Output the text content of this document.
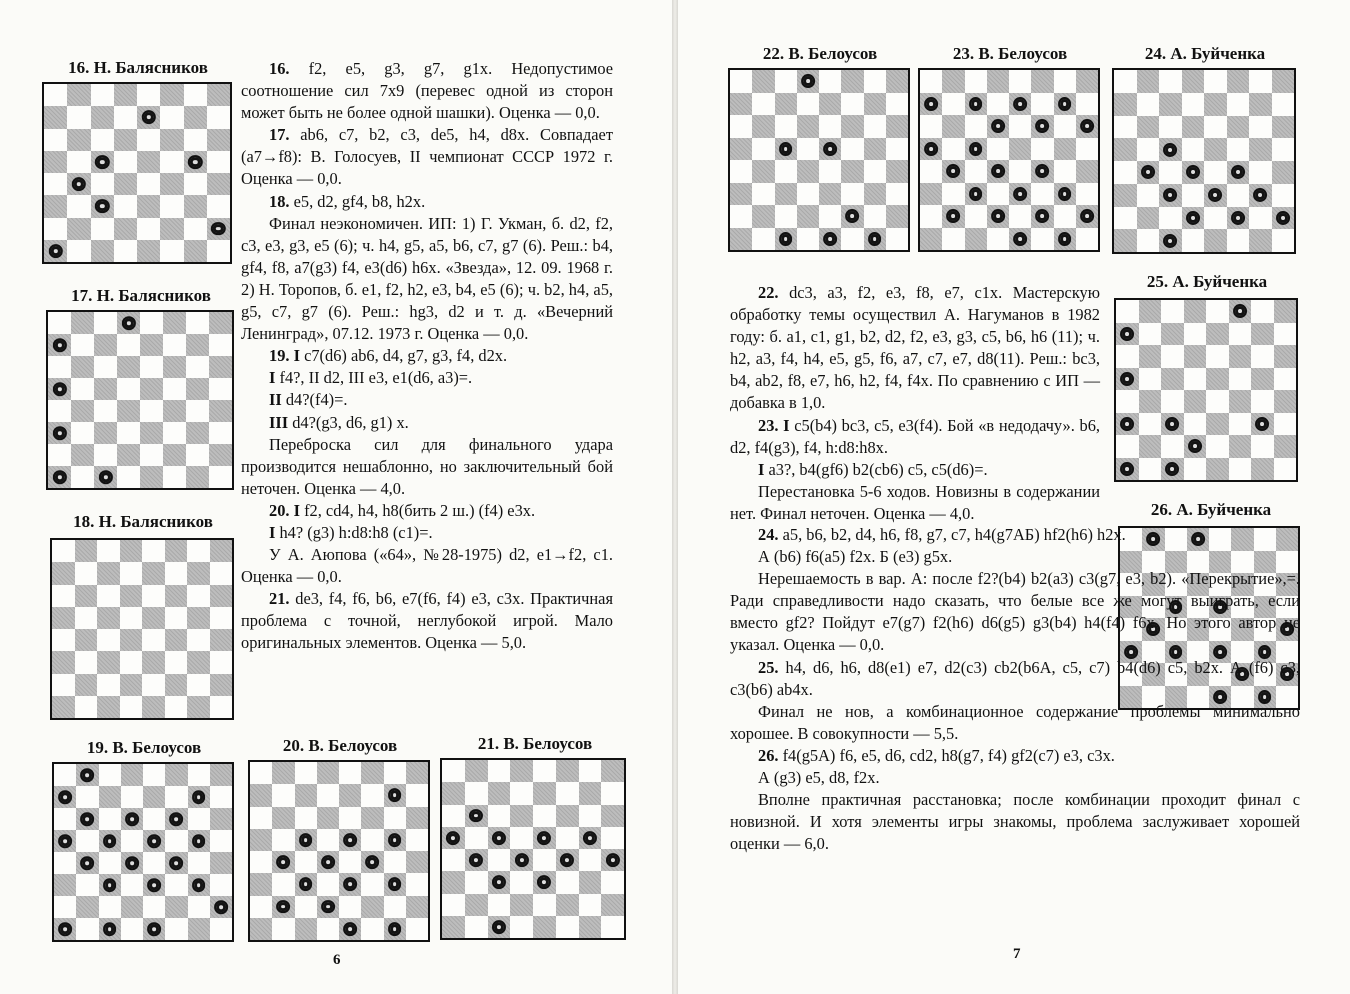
16. Н. Балясников
17. Н. Балясников
18. Н. Балясников
19. В. Белоусов	20. В. Белоусов	21. В. Белоусов

16. f2, e5, g3, g7, g1x. Недопустимое соотношение сил 7x9 (перевес одной из сторон может быть не более одной шашки). Оценка — 0,0.

17. ab6, c7, b2, c3, de5, h4, d8x. Совпадает (a7→f8): В. Голосуев, II чемпионат СССР 1972 г. Оценка — 0,0.

18. e5, d2, gf4, b8, h2x.

Финал неэкономичен. ИП: 1) Г. Укман, б. d2, f2, c3, e3, g3, e5 (6); ч. h4, g5, a5, b6, c7, g7 (6). Реш.: b4, gf4, f8, a7(g3) f4, e3(d6) h6x. «Звезда», 12. 09. 1968 г. 2) Н. Торопов, б. e1, f2, h2, e3, b4, e5 (6); ч. b2, h4, a5, g5, c7, g7 (6). Реш.: hg3, d2 и т. д. «Вечерний Ленинград», 07.12. 1973 г. Оценка — 0,0.

19. I c7(d6) ab6, d4, g7, g3, f4, d2x.

I f4?, II d2, III e3, e1(d6, a3)=.

II d4?(f4)=.

III d4?(g3, d6, g1) x.

Переброска сил для финального удара производится нешаблонно, но заключительный бой неточен. Оценка — 4,0.

20. I f2, cd4, h4, h8(бить 2 ш.) (f4) e3x.

I h4? (g3) h:d8:h8 (c1)=.

У А. Аюпова («64», №28-1975) d2, e1→f2, c1. Оценка — 0,0.

21. de3, f4, f6, b6, e7(f6, f4) e3, c3x. Практичная проблема с точной, неглубокой игрой. Мало оригинальных элементов. Оценка — 5,0.

6
22. В. Белоусов	23. В. Белоусов	24. А. Буйченка
25. А. Буйченка
26. А. Буйченка

22. dc3, a3, f2, e3, f8, e7, c1x. Мастерскую обработку темы осуществил А. Нагуманов в 1982 году: б. a1, c1, g1, b2, d2, f2, e3, g3, c5, b6, h6 (11); ч. h2, a3, f4, h4, e5, g5, f6, a7, c7, e7, d8(11). Реш.: bc3, b4, ab2, f8, e7, h6, h2, f4, f4x. По сравнению с ИП — добавка в 1,0.

23. I c5(b4) bc3, c5, e3(f4). Бой «в недодачу». b6, d2, f4(g3), f4, h:d8:h8x.

I a3?, b4(gf6) b2(cb6) c5, c5(d6)=.

Перестановка 5-6 ходов. Новизны в содержании нет. Финал неточен. Оценка — 4,0.

24. a5, b6, b2, d4, h6, f8, g7, c7, h4(g7АБ) hf2(h6) h2x.

А (b6) f6(a5) f2x. Б (e3) g5x.

Нерешаемость в вар. А: после f2?(b4) b2(a3) c3(g7, e3, b2). «Перекрытие»,=. Ради справедливости надо сказать, что белые все же могут выиграть, если вместо gf2? Пойдут e7(g7) f2(h6) d6(g5) g3(b4) h4(f4) f6x. Но этого автор не указал. Оценка — 0,0.

25. h4, d6, h6, d8(e1) e7, d2(c3) cb2(b6А, c5, c7) b4(d6) c5, b2x. А (f6) c3, c3(b6) ab4x.

Финал не нов, а комбинационное содержание проблемы минимально хорошее. В совокупности — 5,5.

26. f4(g5А) f6, e5, d6, cd2, h8(g7, f4) gf2(c7) e3, c3x.

А (g3) e5, d8, f2x.

Вполне практичная расстановка; после комбинации проходит финал с новизной. И хотя элементы игры знакомы, проблема заслуживает хорошей оценки — 6,0.

7
